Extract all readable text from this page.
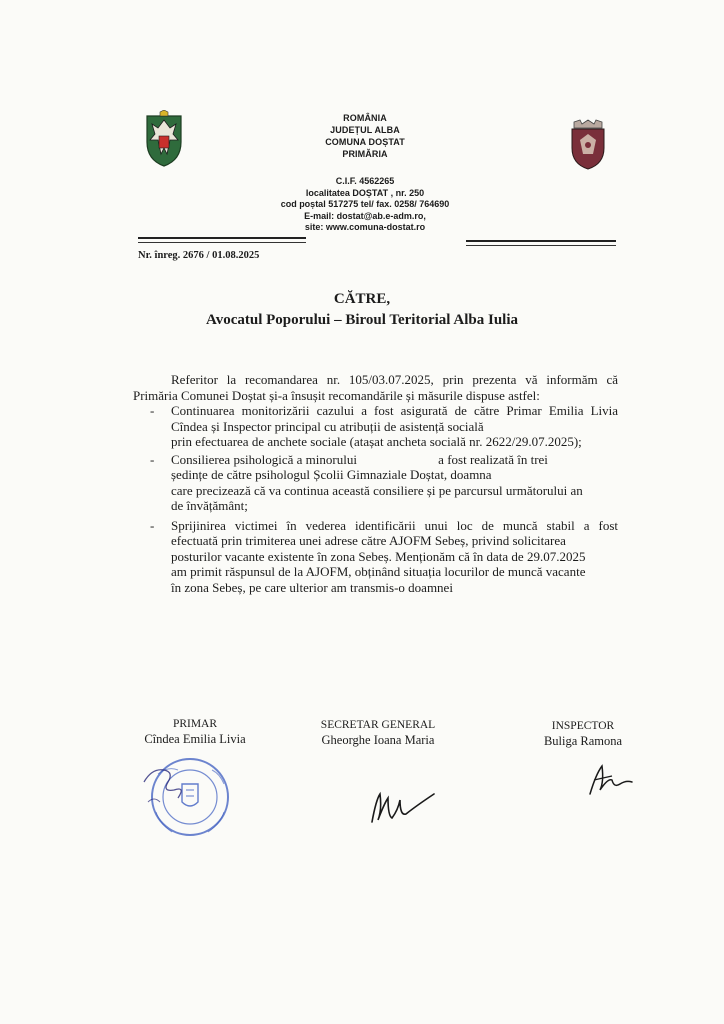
ROMÂNIA
JUDEȚUL ALBA
COMUNA DOȘTAT
PRIMĂRIA
C.I.F. 4562265
localitatea DOȘTAT , nr. 250
cod poștal 517275 tel/ fax. 0258/ 764690
E-mail: dostat@ab.e-adm.ro,
site: www.comuna-dostat.ro
Nr. înreg. 2676 / 01.08.2025
CĂTRE,
Avocatul Poporului – Biroul Teritorial Alba Iulia
Referitor la recomandarea nr. 105/03.07.2025, prin prezenta vă informăm că
Primăria Comunei Doștat și-a însușit recomandările și măsurile dispuse astfel:
- Continuarea monitorizării cazului a fost asigurată de către Primar Emilia Livia
Cîndea și Inspector principal cu atribuții de asistență socială
prin efectuarea de anchete sociale (atașat ancheta socială nr. 2622/29.07.2025);
- Consilierea psihologică a minorului                         a fost realizată în trei
ședințe de către psihologul Școlii Gimnaziale Doștat, doamna
care precizează că va continua această consiliere și pe parcursul următorului an
de învățământ;
- Sprijinirea victimei în vederea identificării unui loc de muncă stabil a fost
efectuată prin trimiterea unei adrese către AJOFM Sebeș, privind solicitarea
posturilor vacante existente în zona Sebeș. Menționăm că în data de 29.07.2025
am primit răspunsul de la AJOFM, obținând situația locurilor de muncă vacante
în zona Sebeș, pe care ulterior am transmis-o doamnei
PRIMAR
Cîndea Emilia Livia
SECRETAR GENERAL
Gheorghe Ioana Maria
INSPECTOR
Buliga Ramona
